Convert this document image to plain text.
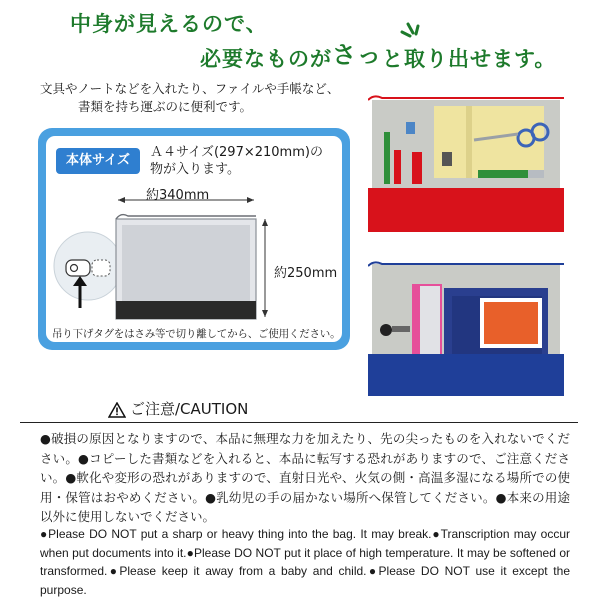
中身が見えるので、
必要なものがさっと取り出せます。
文具やノートなどを入れたり、ファイルや手帳など、
書類を持ち運ぶのに便利です。
本体サイズ
Ａ４サイズ(297×210mm)の
物が入ります。
約340mm
約250mm
吊り下げタグをはさみ等で切り離してから、ご使用ください。
ご注意/CAUTION
●破損の原因となりますので、本品に無理な力を加えたり、先の尖ったものを入れないでください。●コピーした書類などを入れると、本品に転写する恐れがありますので、ご注意ください。●軟化や変形の恐れがありますので、直射日光や、火気の側・高温多湿になる場所での使用・保管はおやめください。●乳幼児の手の届かない場所へ保管してください。●本来の用途以外に使用しないでください。
●Please DO NOT put a sharp or heavy thing into the bag. It may break.●Transcription may occur when put documents into it.●Please DO NOT put it place of high temperature. It may be softened or transformed.●Please keep it away from a baby and child.●Please DO NOT use it except the purpose.
